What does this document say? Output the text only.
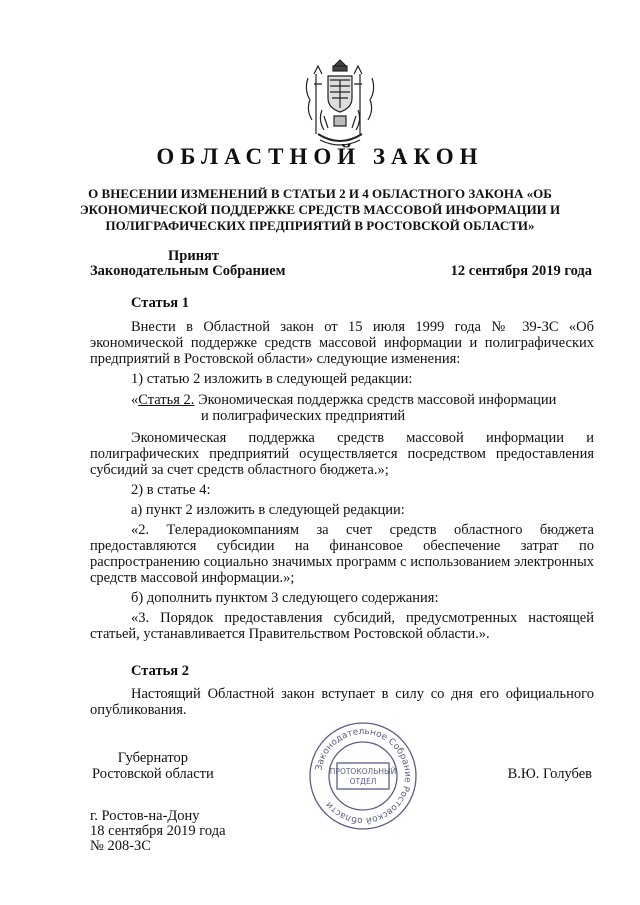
ОБЛАСТНОЙ ЗАКОН
О ВНЕСЕНИИ ИЗМЕНЕНИЙ В СТАТЬИ 2 И 4 ОБЛАСТНОГО ЗАКОНА «ОБ ЭКОНОМИЧЕСКОЙ ПОДДЕРЖКЕ СРЕДСТВ МАССОВОЙ ИНФОРМАЦИИ И ПОЛИГРАФИЧЕСКИХ ПРЕДПРИЯТИЙ В РОСТОВСКОЙ ОБЛАСТИ»
Принят
Законодательным Собранием	12 сентября 2019 года
Статья 1

Внести в Областной закон от 15 июля 1999 года № 39-ЗС «Об экономической поддержке средств массовой информации и полиграфических предприятий в Ростовской области» следующие изменения:

1) статью 2 изложить в следующей редакции:

«Статья 2. Экономическая поддержка средств массовой информации
и полиграфических предприятий

Экономическая поддержка средств массовой информации и полиграфических предприятий осуществляется посредством предоставления субсидий за счет средств областного бюджета.»;

2) в статье 4:

а) пункт 2 изложить в следующей редакции:

«2. Телерадиокомпаниям за счет средств областного бюджета предоставляются субсидии на финансовое обеспечение затрат по распространению социально значимых программ с использованием электронных средств массовой информации.»;

б) дополнить пунктом 3 следующего содержания:

«3. Порядок предоставления субсидий, предусмотренных настоящей статьей, устанавливается Правительством Ростовской области.».

Статья 2

Настоящий Областной закон вступает в силу со дня его официального опубликования.

Губернатор
Ростовской области	В.Ю. Голубев
Законодательное Собрание Ростовской области
ПРОТОКОЛЬНЫЙ
ОТДЕЛ
г. Ростов-на-Дону
18 сентября 2019 года
№ 208-ЗС
